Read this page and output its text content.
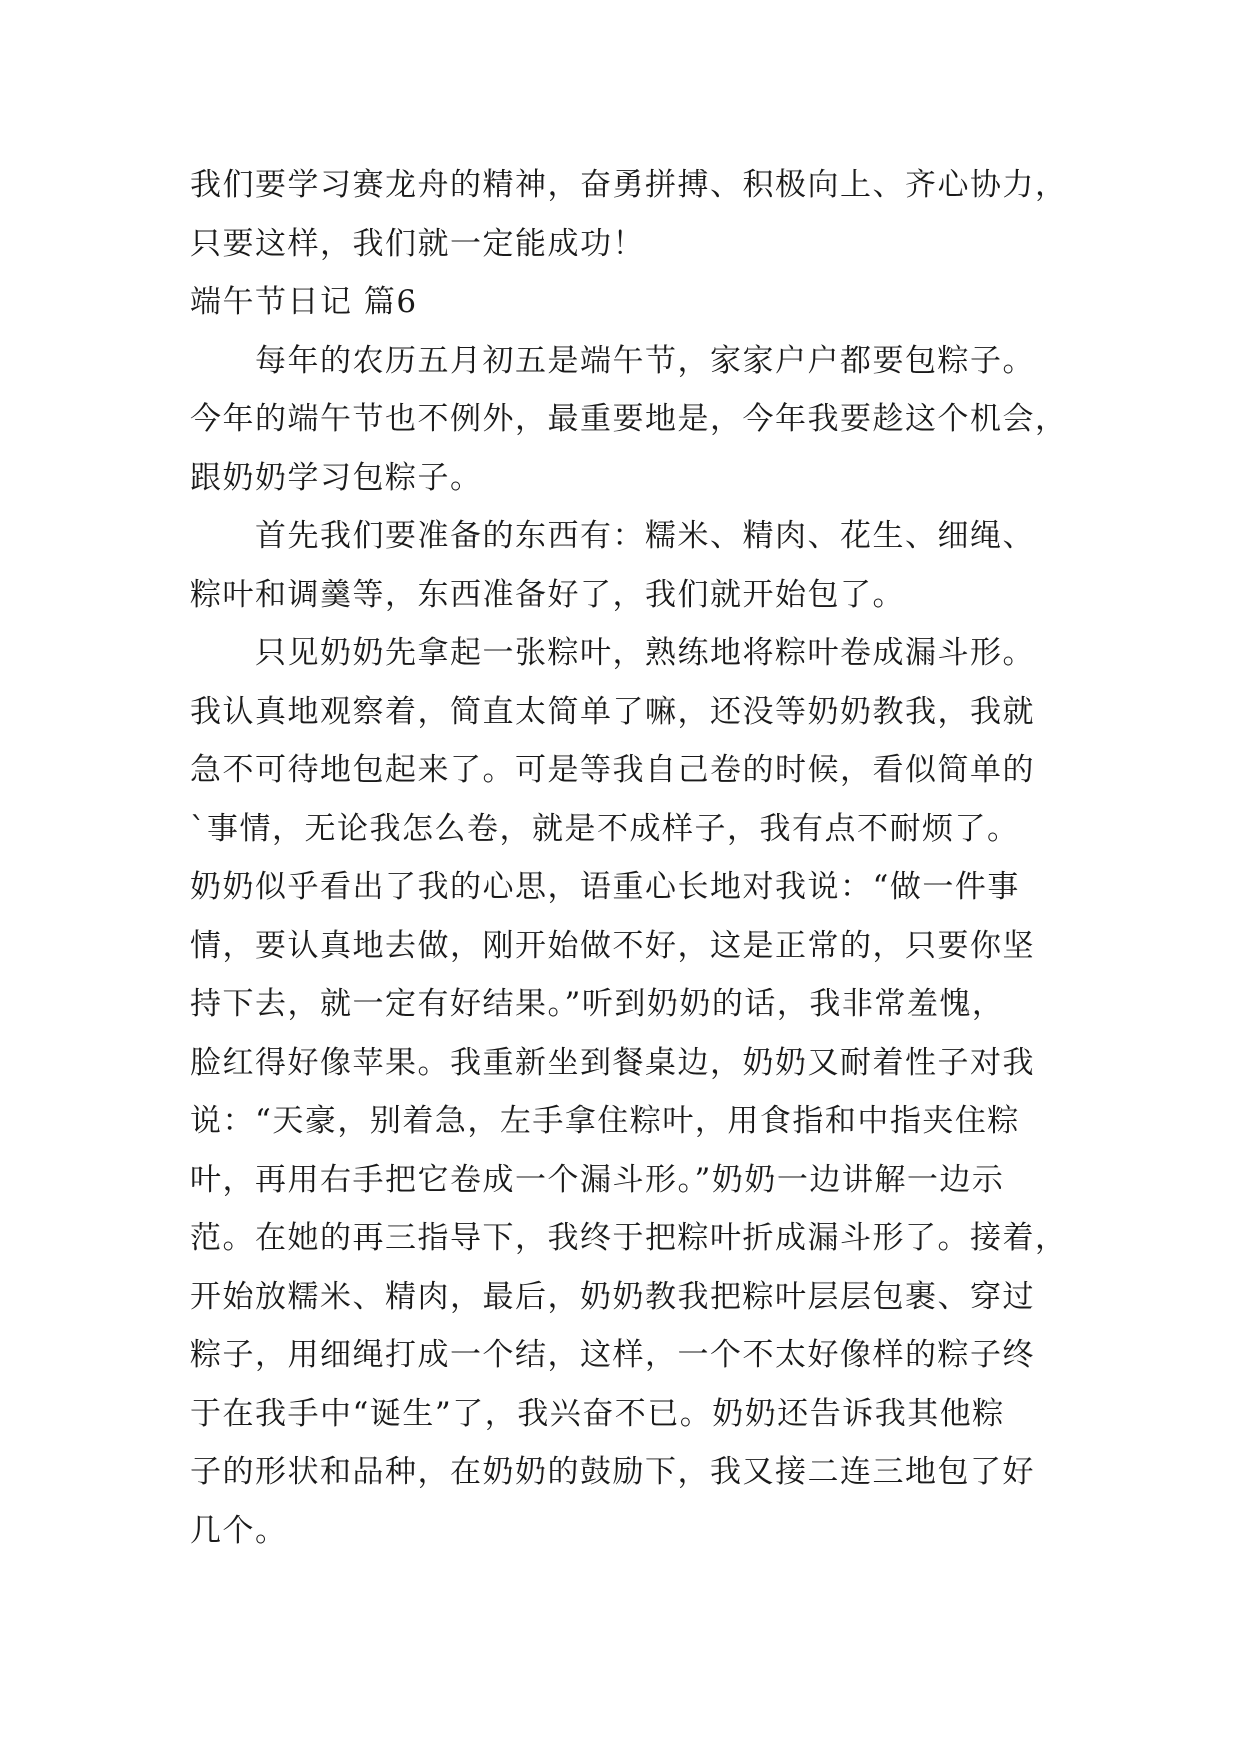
我们要学习赛龙舟的精神，奋勇拼搏、积极向上、齐心协力，
只要这样，我们就一定能成功！
端午节日记 篇6
　　每年的农历五月初五是端午节，家家户户都要包粽子。
今年的端午节也不例外，最重要地是，今年我要趁这个机会，
跟奶奶学习包粽子。
　　首先我们要准备的东西有：糯米、精肉、花生、细绳、
粽叶和调羹等，东西准备好了，我们就开始包了。
　　只见奶奶先拿起一张粽叶，熟练地将粽叶卷成漏斗形。
我认真地观察着，简直太简单了嘛，还没等奶奶教我，我就
急不可待地包起来了。可是等我自己卷的时候，看似简单的
`事情，无论我怎么卷，就是不成样子，我有点不耐烦了。
奶奶似乎看出了我的心思，语重心长地对我说：“做一件事
情，要认真地去做，刚开始做不好，这是正常的，只要你坚
持下去，就一定有好结果。”听到奶奶的话，我非常羞愧，
脸红得好像苹果。我重新坐到餐桌边，奶奶又耐着性子对我
说：“天豪，别着急，左手拿住粽叶，用食指和中指夹住粽
叶，再用右手把它卷成一个漏斗形。”奶奶一边讲解一边示
范。在她的再三指导下，我终于把粽叶折成漏斗形了。接着，
开始放糯米、精肉，最后，奶奶教我把粽叶层层包裹、穿过
粽子，用细绳打成一个结，这样，一个不太好像样的粽子终
于在我手中“诞生”了，我兴奋不已。奶奶还告诉我其他粽
子的形状和品种，在奶奶的鼓励下，我又接二连三地包了好
几个。
